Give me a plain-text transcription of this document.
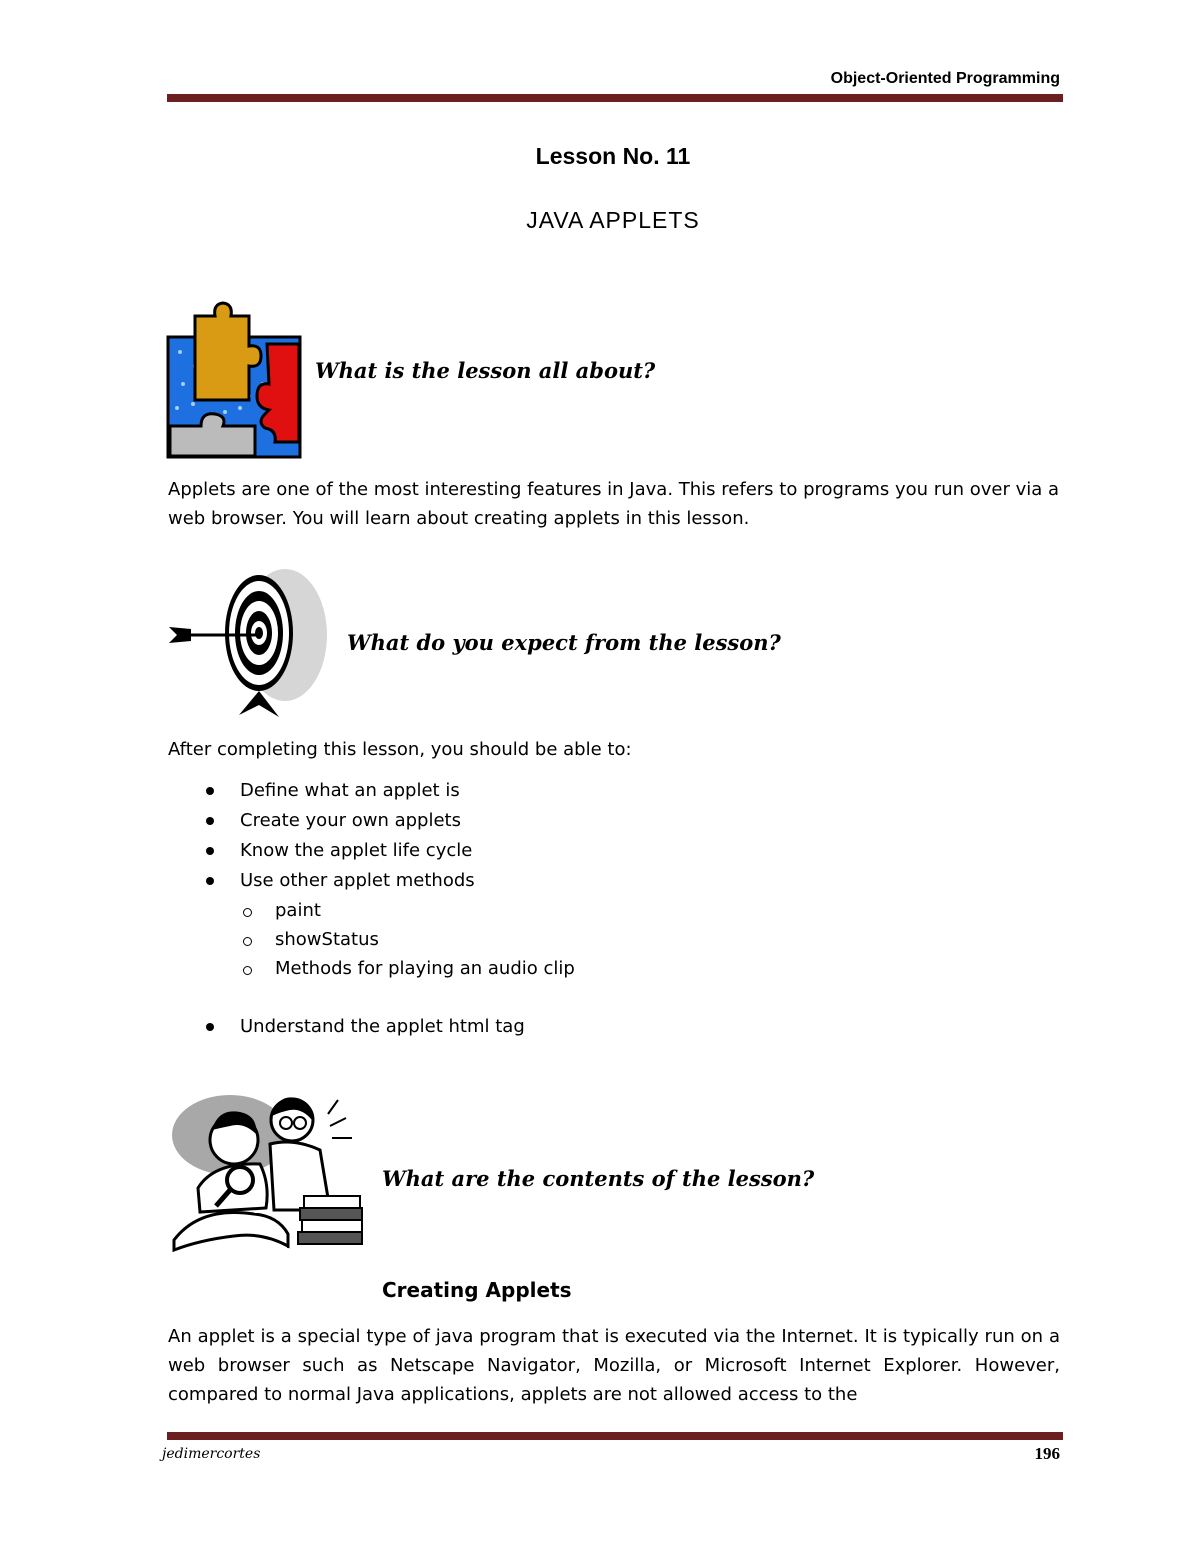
Object-Oriented Programming
Lesson No. 11
JAVA APPLETS
What is the lesson all about?
Applets are one of the most interesting features in Java. This refers to programs you run over via a web browser. You will learn about creating applets in this lesson.
What do you expect from the lesson?
After completing this lesson, you should be able to:
Define what an applet is
Create your own applets
Know the applet life cycle
Use other applet methods
paint
showStatus
Methods for playing an audio clip
Understand the applet html tag
What are the contents of the lesson?
Creating Applets
An applet is a special type of java program that is executed via the Internet. It is typically run on a web browser such as Netscape Navigator, Mozilla, or Microsoft Internet Explorer. However, compared to normal Java applications, applets are not allowed access to the
jedimercortes	196
